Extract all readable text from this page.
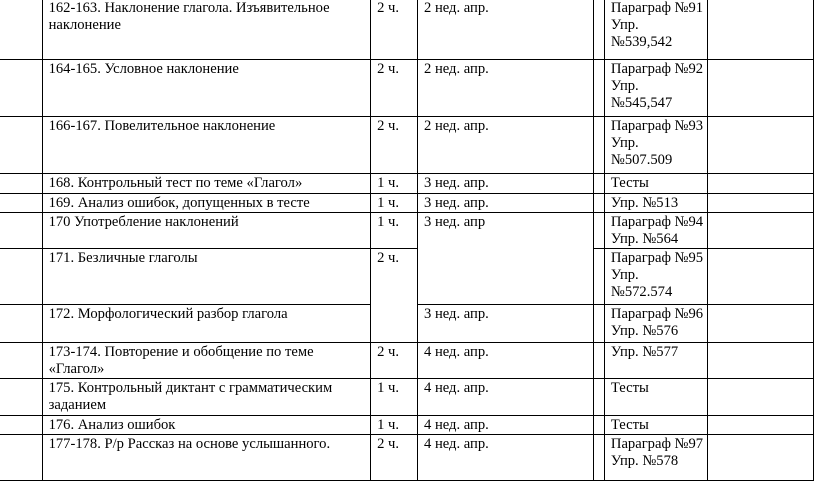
	162-163. Наклонение глагола. Изъявительное
наклонение	2 ч.	2 нед. апр.		Параграф №91
Упр.
№539,542	

	164-165. Условное наклонение	2 ч.	2 нед. апр.		Параграф №92
Упр.
№545,547	

	166-167. Повелительное наклонение	2 ч.	2 нед. апр.		Параграф №93
Упр.
№507.509	

	168. Контрольный тест по теме «Глагол»	1 ч.	3 нед. апр.		Тесты	
	169. Анализ ошибок, допущенных в тесте	1 ч.	3 нед. апр.		Упр. №513	
	170 Употребление наклонений	1 ч.	3 нед. апр		Параграф №94
Упр. №564	

	171. Безличные глаголы	2 ч.			Параграф №95
Упр.
№572.574	

	172. Морфологический разбор глагола		3 нед. апр.		Параграф №96
Упр. №576	

	173-174. Повторение и обобщение по теме
«Глагол»	2 ч.	4 нед. апр.		Упр. №577	

	175. Контрольный диктант с грамматическим
заданием	1 ч.	4 нед. апр.		Тесты	
	176. Анализ ошибок	1 ч.	4 нед. апр.		Тесты	
	177-178. Р/р Рассказ на основе услышанного.	2 ч.	4 нед. апр.		Параграф №97
Упр. №578	
